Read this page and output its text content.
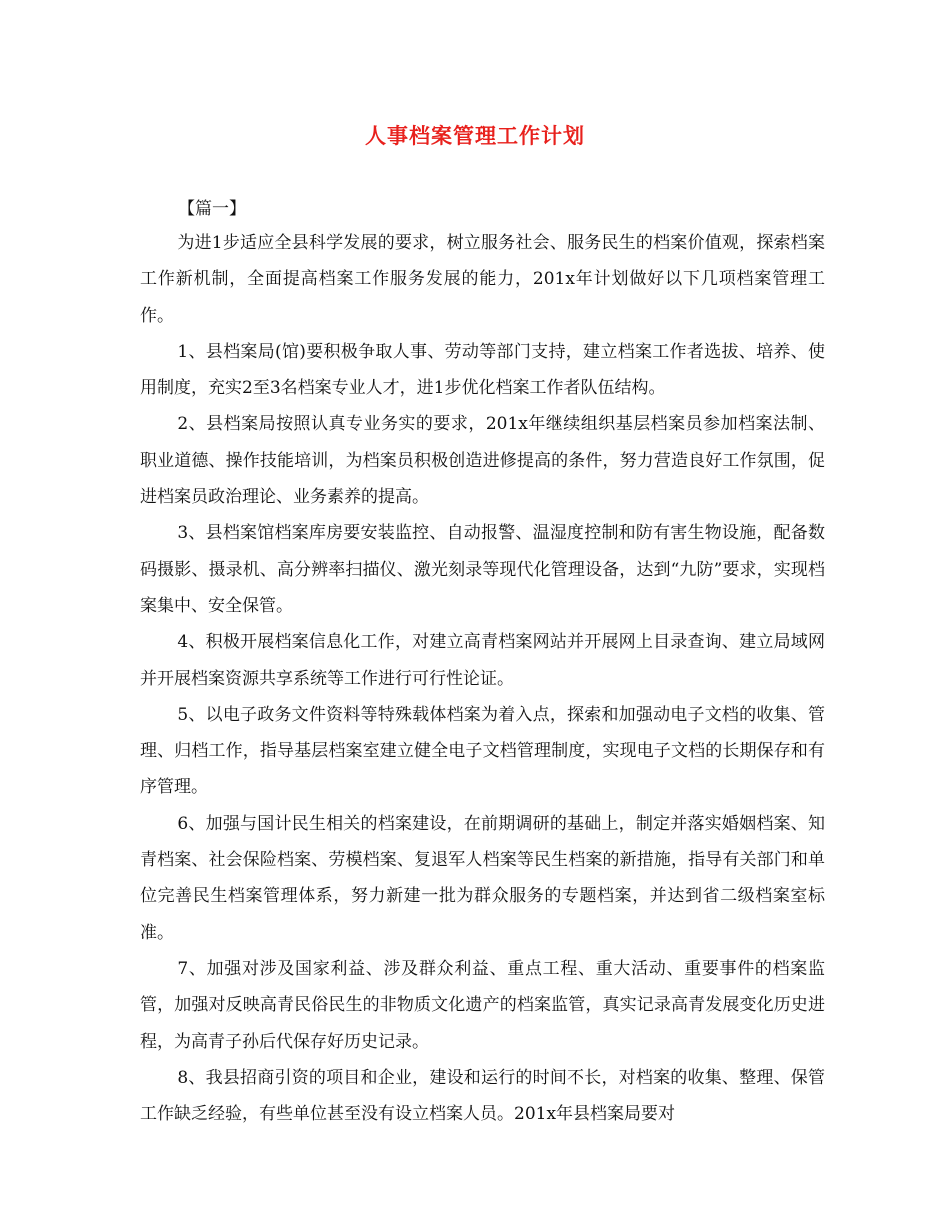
人事档案管理工作计划
【篇一】

为进1步适应全县科学发展的要求，树立服务社会、服务民生的档案价值观，探索档案工作新机制，全面提高档案工作服务发展的能力，201x年计划做好以下几项档案管理工作。

1、县档案局(馆)要积极争取人事、劳动等部门支持，建立档案工作者选拔、培养、使用制度，充实2至3名档案专业人才，进1步优化档案工作者队伍结构。

2、县档案局按照认真专业务实的要求，201x年继续组织基层档案员参加档案法制、职业道德、操作技能培训，为档案员积极创造进修提高的条件，努力营造良好工作氛围，促进档案员政治理论、业务素养的提高。

3、县档案馆档案库房要安装监控、自动报警、温湿度控制和防有害生物设施，配备数码摄影、摄录机、高分辨率扫描仪、激光刻录等现代化管理设备，达到“九防”要求，实现档案集中、安全保管。

4、积极开展档案信息化工作，对建立高青档案网站并开展网上目录查询、建立局域网并开展档案资源共享系统等工作进行可行性论证。

5、以电子政务文件资料等特殊载体档案为着入点，探索和加强动电子文档的收集、管理、归档工作，指导基层档案室建立健全电子文档管理制度，实现电子文档的长期保存和有序管理。

6、加强与国计民生相关的档案建设，在前期调研的基础上，制定并落实婚姻档案、知青档案、社会保险档案、劳模档案、复退军人档案等民生档案的新措施，指导有关部门和单位完善民生档案管理体系，努力新建一批为群众服务的专题档案，并达到省二级档案室标准。

7、加强对涉及国家利益、涉及群众利益、重点工程、重大活动、重要事件的档案监管，加强对反映高青民俗民生的非物质文化遗产的档案监管，真实记录高青发展变化历史进程，为高青子孙后代保存好历史记录。

8、我县招商引资的项目和企业，建设和运行的时间不长，对档案的收集、整理、保管工作缺乏经验，有些单位甚至没有设立档案人员。201x年县档案局要对
